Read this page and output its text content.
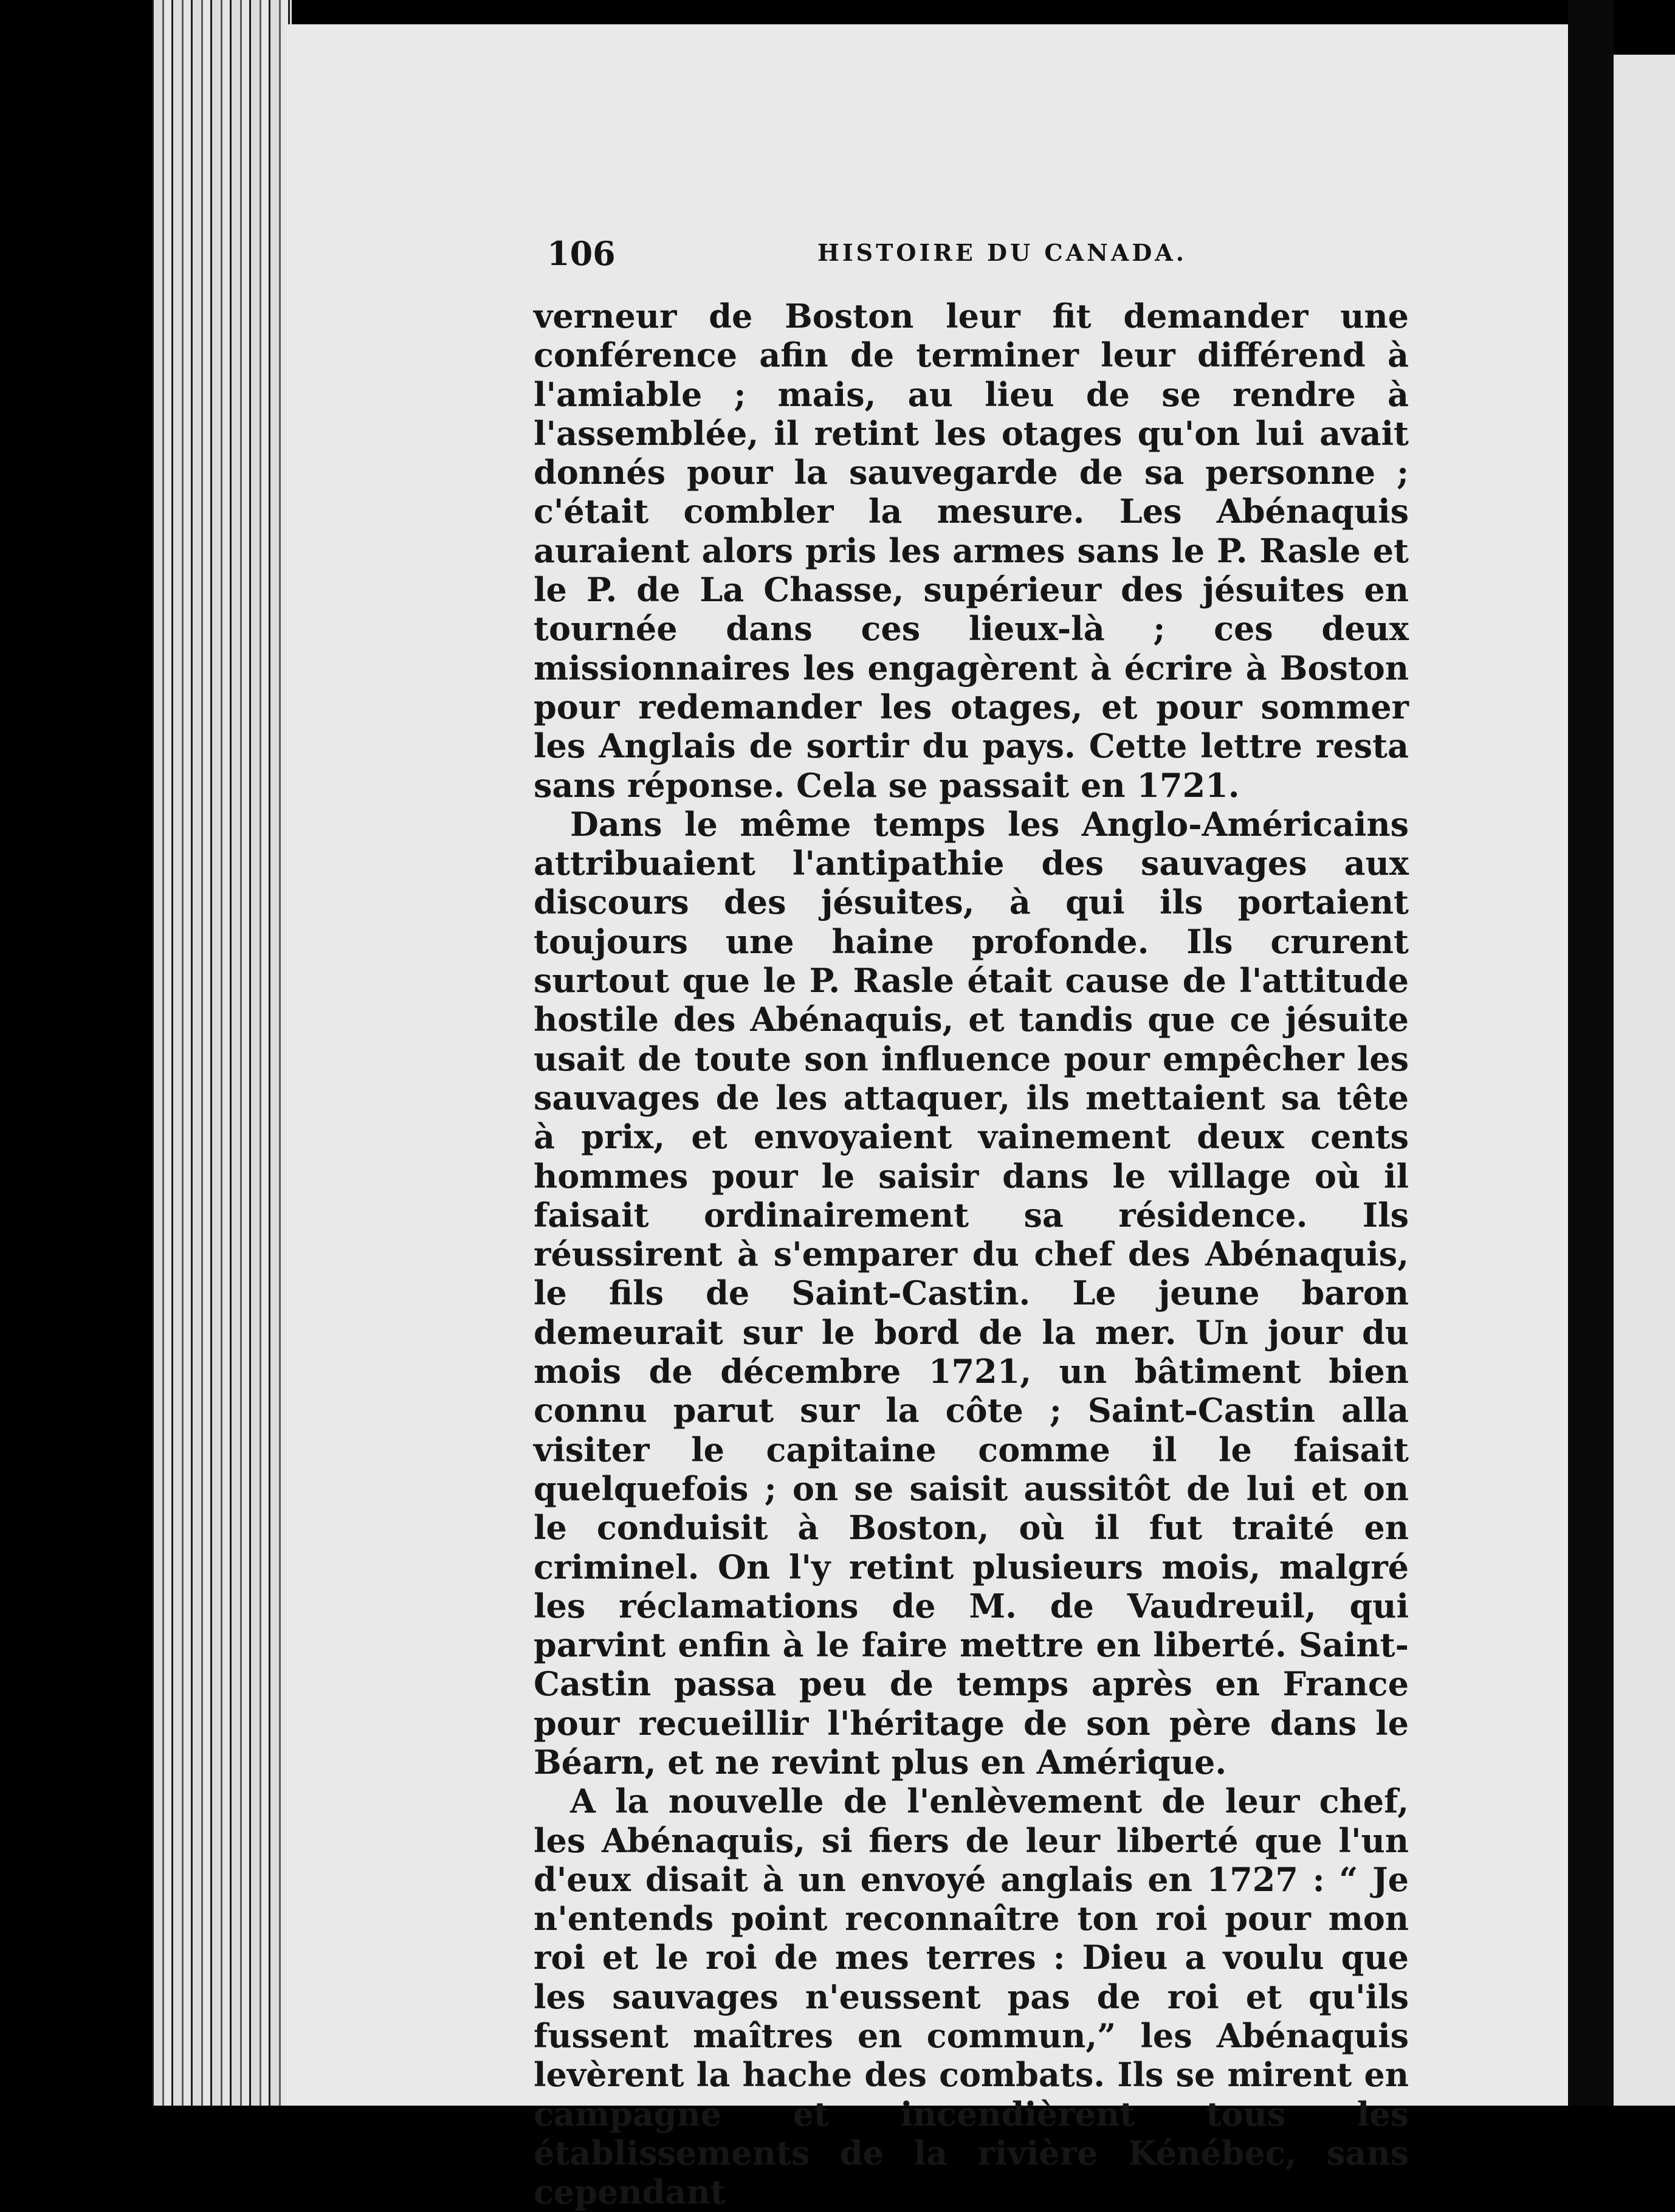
106	HISTOIRE DU CANADA.

verneur de Boston leur fit demander une conférence afin de terminer leur différend à l'amiable ; mais, au lieu de se rendre à l'assemblée, il retint les otages qu'on lui avait donnés pour la sauvegarde de sa personne ; c'était combler la mesure. Les Abénaquis auraient alors pris les armes sans le P. Rasle et le P. de La Chasse, supérieur des jésuites en tournée dans ces lieux-là ; ces deux missionnaires les engagèrent à écrire à Boston pour redemander les otages, et pour sommer les Anglais de sortir du pays. Cette lettre resta sans réponse. Cela se passait en 1721.

Dans le même temps les Anglo-Américains attribuaient l'antipathie des sauvages aux discours des jésuites, à qui ils portaient toujours une haine profonde. Ils crurent surtout que le P. Rasle était cause de l'attitude hostile des Abénaquis, et tandis que ce jésuite usait de toute son influence pour empêcher les sauvages de les attaquer, ils mettaient sa tête à prix, et envoyaient vainement deux cents hommes pour le saisir dans le village où il faisait ordinairement sa résidence. Ils réussirent à s'emparer du chef des Abénaquis, le fils de Saint-Castin. Le jeune baron demeurait sur le bord de la mer. Un jour du mois de décembre 1721, un bâtiment bien connu parut sur la côte ; Saint-Castin alla visiter le capitaine comme il le faisait quelquefois ; on se saisit aussitôt de lui et on le conduisit à Boston, où il fut traité en criminel. On l'y retint plusieurs mois, malgré les réclamations de M. de Vaudreuil, qui parvint enfin à le faire mettre en liberté. Saint-Castin passa peu de temps après en France pour recueillir l'héritage de son père dans le Béarn, et ne revint plus en Amérique.

A la nouvelle de l'enlèvement de leur chef, les Abénaquis, si fiers de leur liberté que l'un d'eux disait à un envoyé anglais en 1727 : “ Je n'entends point reconnaître ton roi pour mon roi et le roi de mes terres : Dieu a voulu que les sauvages n'eussent pas de roi et qu'ils fussent maîtres en commun,” les Abénaquis levèrent la hache des combats. Ils se mirent en campagne et incendièrent tous les établissements de la rivière Kénébec, sans cependant
